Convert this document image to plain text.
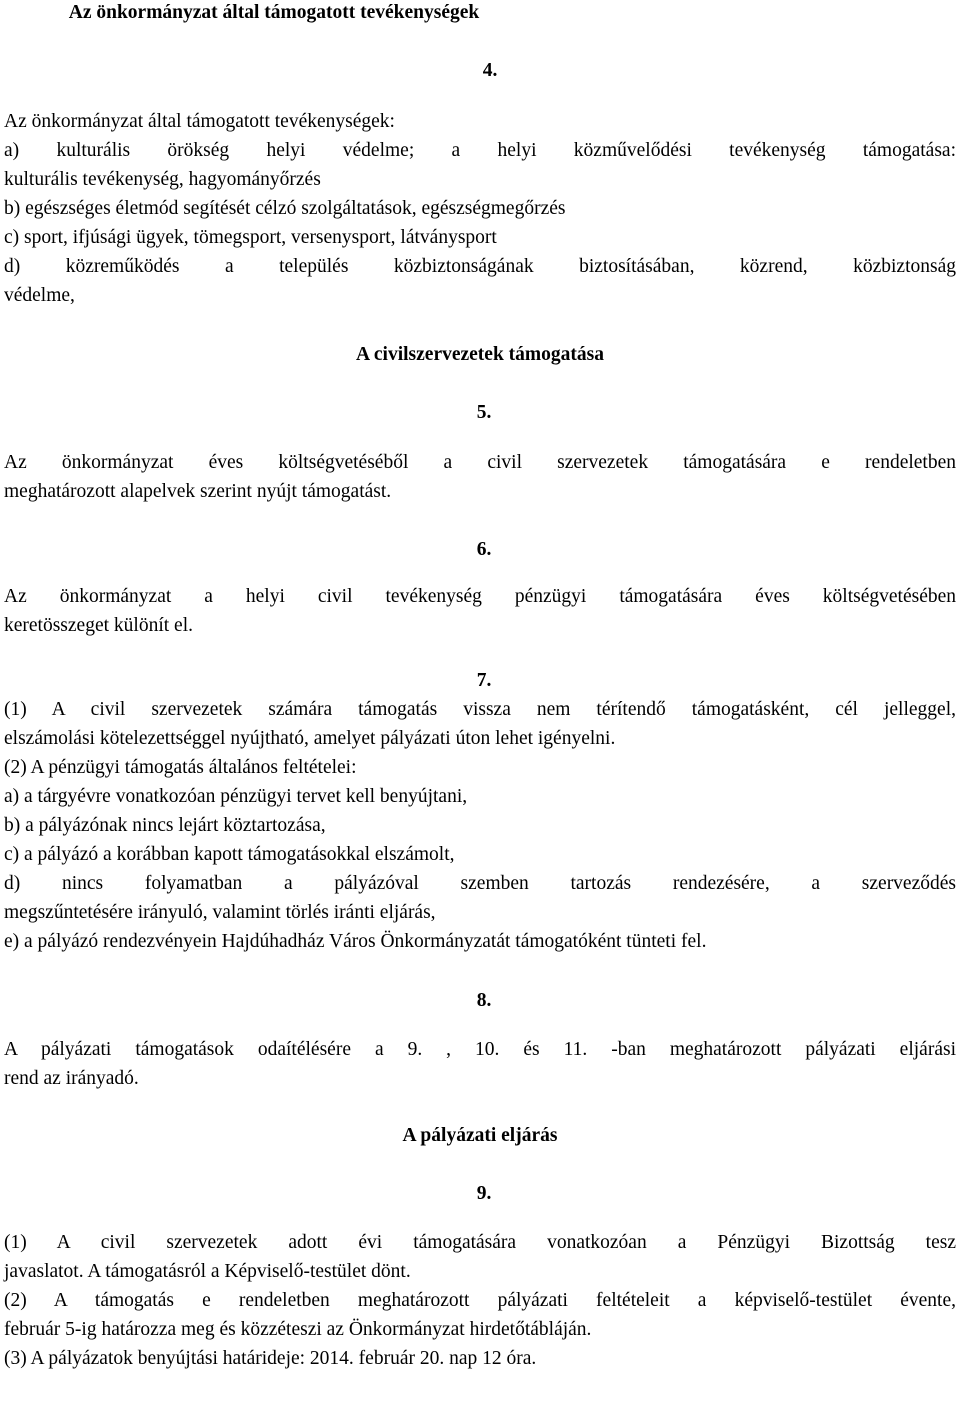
Az önkormányzat által támogatott tevékenységek
4.
Az önkormányzat által támogatott tevékenységek:
a) kulturális örökség helyi védelme; a helyi közművelődési tevékenység támogatása:
kulturális tevékenység, hagyományőrzés
b) egészséges életmód segítését célzó szolgáltatások, egészségmegőrzés
c) sport, ifjúsági ügyek, tömegsport, versenysport, látványsport
d) közreműködés a település közbiztonságának biztosításában, közrend, közbiztonság
védelme,
A civilszervezetek támogatása
5.
Az önkormányzat éves költségvetéséből a civil szervezetek támogatására e rendeletben
meghatározott alapelvek szerint nyújt támogatást.
6.
Az önkormányzat a helyi civil tevékenység pénzügyi támogatására éves költségvetésében
keretösszeget különít el.
7.
(1) A civil szervezetek számára támogatás vissza nem térítendő támogatásként, cél jelleggel,
elszámolási kötelezettséggel nyújtható, amelyet pályázati úton lehet igényelni.
(2) A pénzügyi támogatás általános feltételei:
a) a tárgyévre vonatkozóan pénzügyi tervet kell benyújtani,
b) a pályázónak nincs lejárt köztartozása,
c) a pályázó a korábban kapott támogatásokkal elszámolt,
d) nincs folyamatban a pályázóval szemben tartozás rendezésére, a szerveződés
megszűntetésére irányuló, valamint törlés iránti eljárás,
e) a pályázó rendezvényein Hajdúhadház Város Önkormányzatát támogatóként tünteti fel.
8.
A pályázati támogatások odaítélésére a 9. , 10. és 11. -ban meghatározott pályázati eljárási
rend az irányadó.
A pályázati eljárás
9.
(1) A civil szervezetek adott évi támogatására vonatkozóan a Pénzügyi Bizottság tesz
javaslatot. A támogatásról a Képviselő-testület dönt.
(2) A támogatás e rendeletben meghatározott pályázati feltételeit a képviselő-testület évente,
február 5-ig határozza meg és közzéteszi az Önkormányzat hirdetőtábláján.
(3) A pályázatok benyújtási határideje: 2014. február 20. nap 12 óra.
